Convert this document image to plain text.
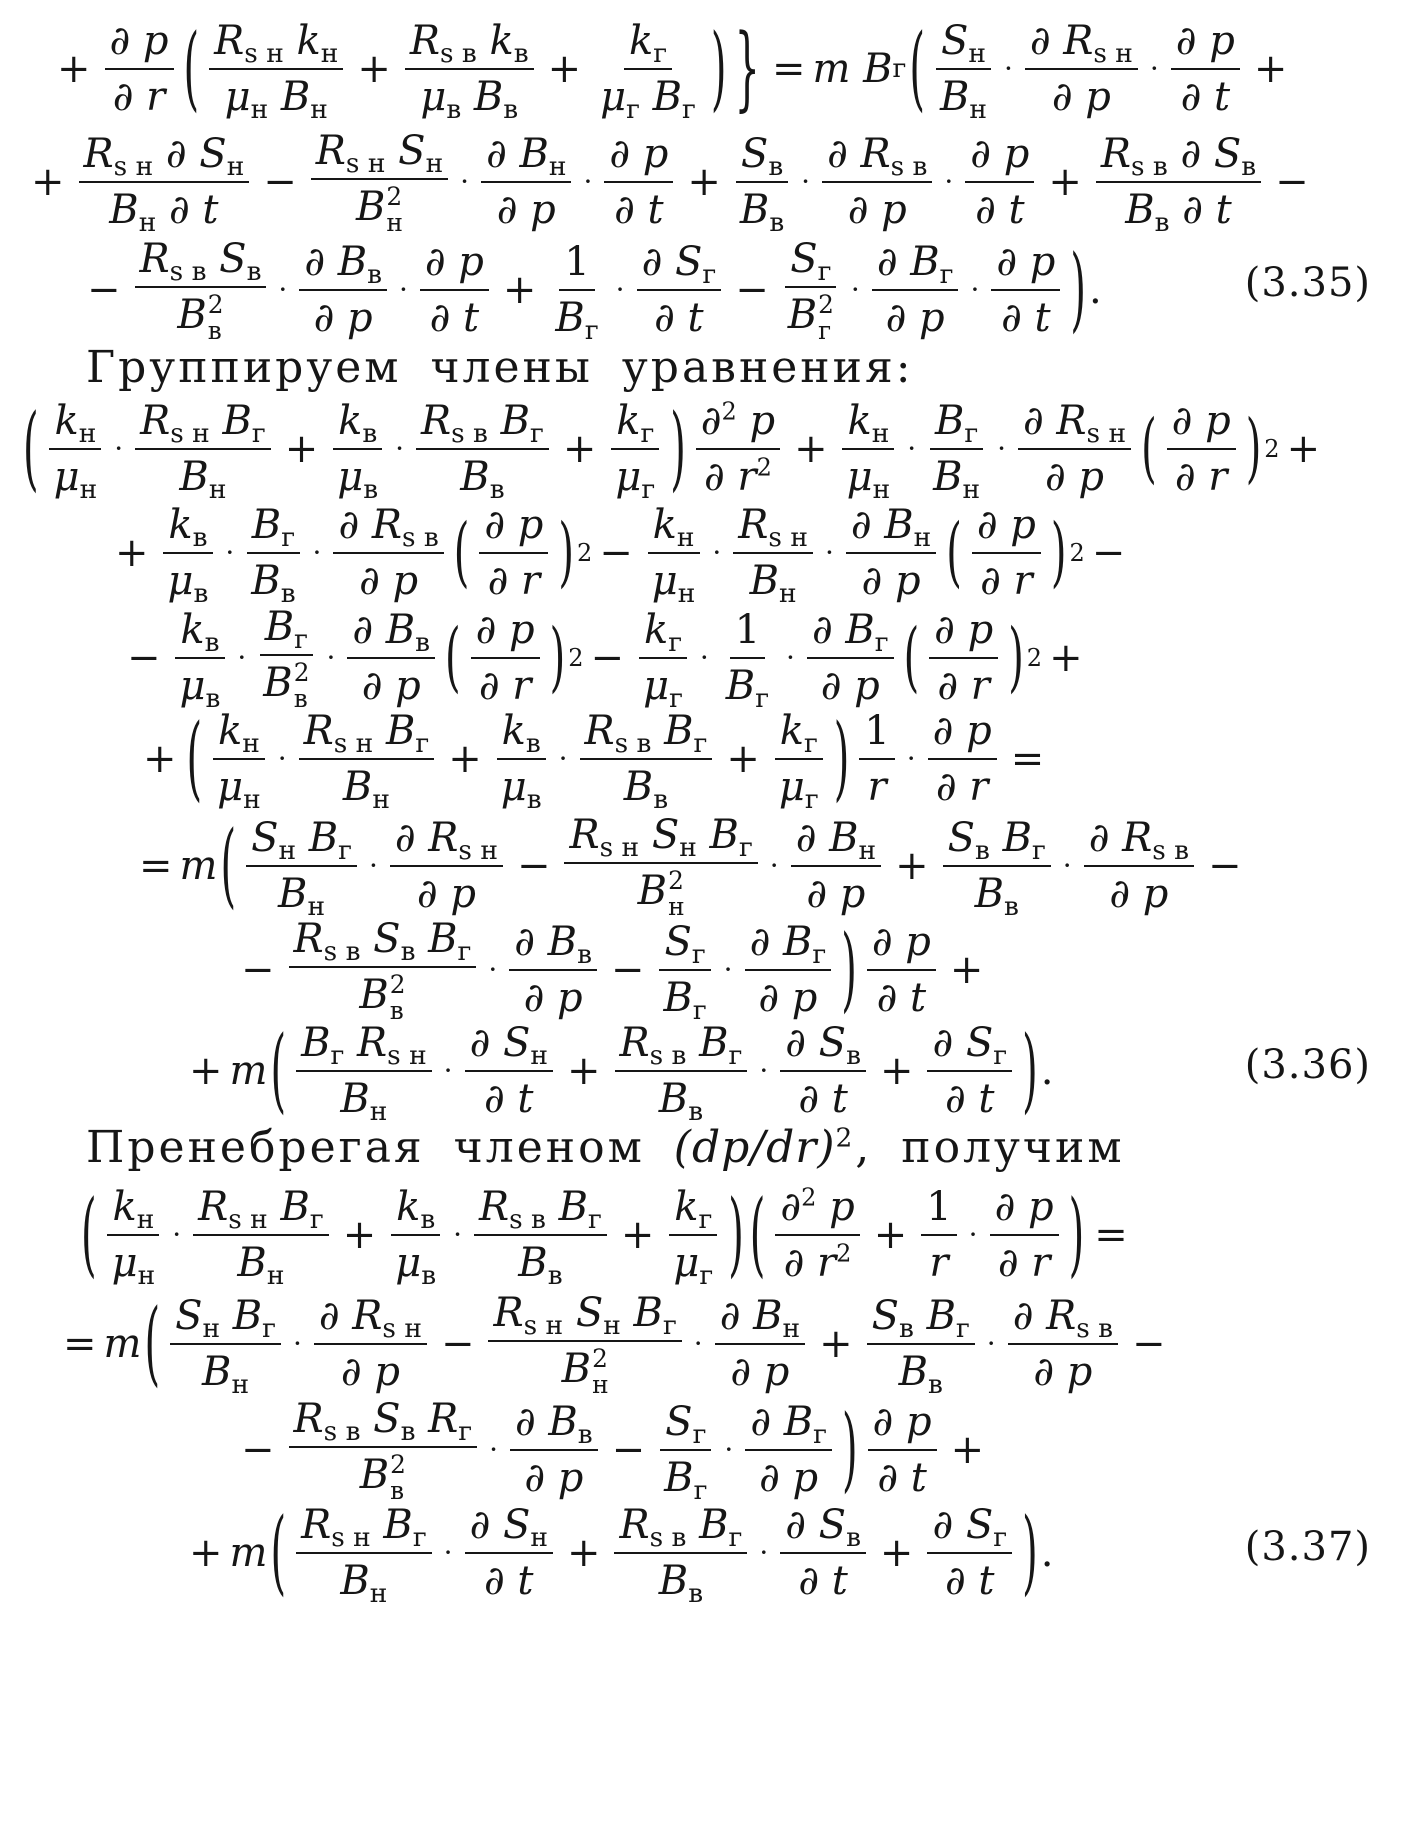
+ $\frac{\partial p}{\partial r}$ ( $\frac{R_{s н} k_н}{\mu_н B_н} + \frac{R_{s в} k_в}{\mu_в B_в} + \frac{k_г}{\mu_г B_г}$ ) } = m B г ( $\frac{S_н}{B_н} \cdot \frac{\partial R_{s н}}{\partial p} \cdot \frac{\partial p}{\partial t}$ +
+ $\frac{R_{s н} \partial S_н}{B_н \partial t} - R_{s н}$ $S_н$
B 2
$н \cdot \frac{\partial B_н}{\partial p} \cdot \frac{\partial p}{\partial t} + \frac{S_в}{B_в} \cdot \frac{\partial R_{s в}}{\partial p} \cdot \frac{\partial p}{\partial t} + \frac{R_{s в} \partial S_в}{B_в \partial t}$ −
− $R_{s в}$ $S_в$
B 2
$в \cdot \frac{\partial B_в}{\partial p} \cdot \frac{\partial p}{\partial t} + \frac{1}{B_г} \cdot \frac{\partial S_г}{\partial t} - S_г$
B 2
$г \cdot \frac{\partial B_г}{\partial p} \cdot \frac{\partial p}{\partial t}$ ) .	(3.35)
Группируем члены уравнения:
( $\frac{k_н}{\mu_н} \cdot \frac{R_{s н} B_г}{B_н} + \frac{k_в}{\mu_в} \cdot \frac{R_{s в} B_г}{B_в} + \frac{k_г}{\mu_г}$ ) $\frac{\partial^2 p}{\partial r^2} + \frac{k_н}{\mu_н} \cdot \frac{B_г}{B_н} \cdot \frac{\partial R_{s н}}{\partial p}$ ( $\frac{\partial p}{\partial r}$ ) 2 +
+ $\frac{k_в}{\mu_в} \cdot \frac{B_г}{B_в} \cdot \frac{\partial R_{s в}}{\partial p}$ ( $\frac{\partial p}{\partial r}$ ) $2 - \frac{k_н}{\mu_н} \cdot \frac{R_{s н}}{B_н} \cdot \frac{\partial B_н}{\partial p}$ ( $\frac{\partial p}{\partial r}$ ) 2 −
− $\frac{k_в}{\mu_в} \cdot B_г$
B 2
$в \cdot \frac{\partial B_в}{\partial p}$ ( $\frac{\partial p}{\partial r}$ ) $2 - \frac{k_г}{\mu_г} \cdot \frac{1}{B_г} \cdot \frac{\partial B_г}{\partial p}$ ( $\frac{\partial p}{\partial r}$ ) 2 +
+ ( $\frac{k_н}{\mu_н} \cdot \frac{R_{s н} B_г}{B_н} + \frac{k_в}{\mu_в} \cdot \frac{R_{s в} B_г}{B_в} + \frac{k_г}{\mu_г}$ ) $\frac{1}{r} \cdot \frac{\partial p}{\partial r}$ =
= m ( $\frac{S_н B_г}{B_н} \cdot \frac{\partial R_{s н}}{\partial p} - R_{s н}$ $S_н$ $B_г$
B 2
$н \cdot \frac{\partial B_н}{\partial p} + \frac{S_в B_г}{B_в} \cdot \frac{\partial R_{s в}}{\partial p}$ −
− $R_{s в}$ $S_в$ $B_г$
B 2
$в \cdot \frac{\partial B_в}{\partial p} - \frac{S_г}{B_г} \cdot \frac{\partial B_г}{\partial p}$ ) $\frac{\partial p}{\partial t}$ +
+ m ( $\frac{B_г R_{s н}}{B_н} \cdot \frac{\partial S_н}{\partial t} + \frac{R_{s в} B_г}{B_в} \cdot \frac{\partial S_в}{\partial t} + \frac{\partial S_г}{\partial t}$ ) .	(3.36)
Пренебрегая членом $(dp/dr)^2$, получим
( $\frac{k_н}{\mu_н} \cdot \frac{R_{s н} B_г}{B_н} + \frac{k_в}{\mu_в} \cdot \frac{R_{s в} B_г}{B_в} + \frac{k_г}{\mu_г}$ ) ( $\frac{\partial^2 p}{\partial r^2} + \frac{1}{r} \cdot \frac{\partial p}{\partial r}$ ) =
= m ( $\frac{S_н B_г}{B_н} \cdot \frac{\partial R_{s н}}{\partial p} - R_{s н}$ $S_н$ $B_г$
B 2
$н \cdot \frac{\partial B_н}{\partial p} + \frac{S_в B_г}{B_в} \cdot \frac{\partial R_{s в}}{\partial p}$ −
− $R_{s в}$ $S_в$ $R_г$
B 2
$в \cdot \frac{\partial B_в}{\partial p} - \frac{S_г}{B_г} \cdot \frac{\partial B_г}{\partial p}$ ) $\frac{\partial p}{\partial t}$ +
+ m ( $\frac{R_{s н} B_г}{B_н} \cdot \frac{\partial S_н}{\partial t} + \frac{R_{s в} B_г}{B_в} \cdot \frac{\partial S_в}{\partial t} + \frac{\partial S_г}{\partial t}$ ) .	(3.37)
